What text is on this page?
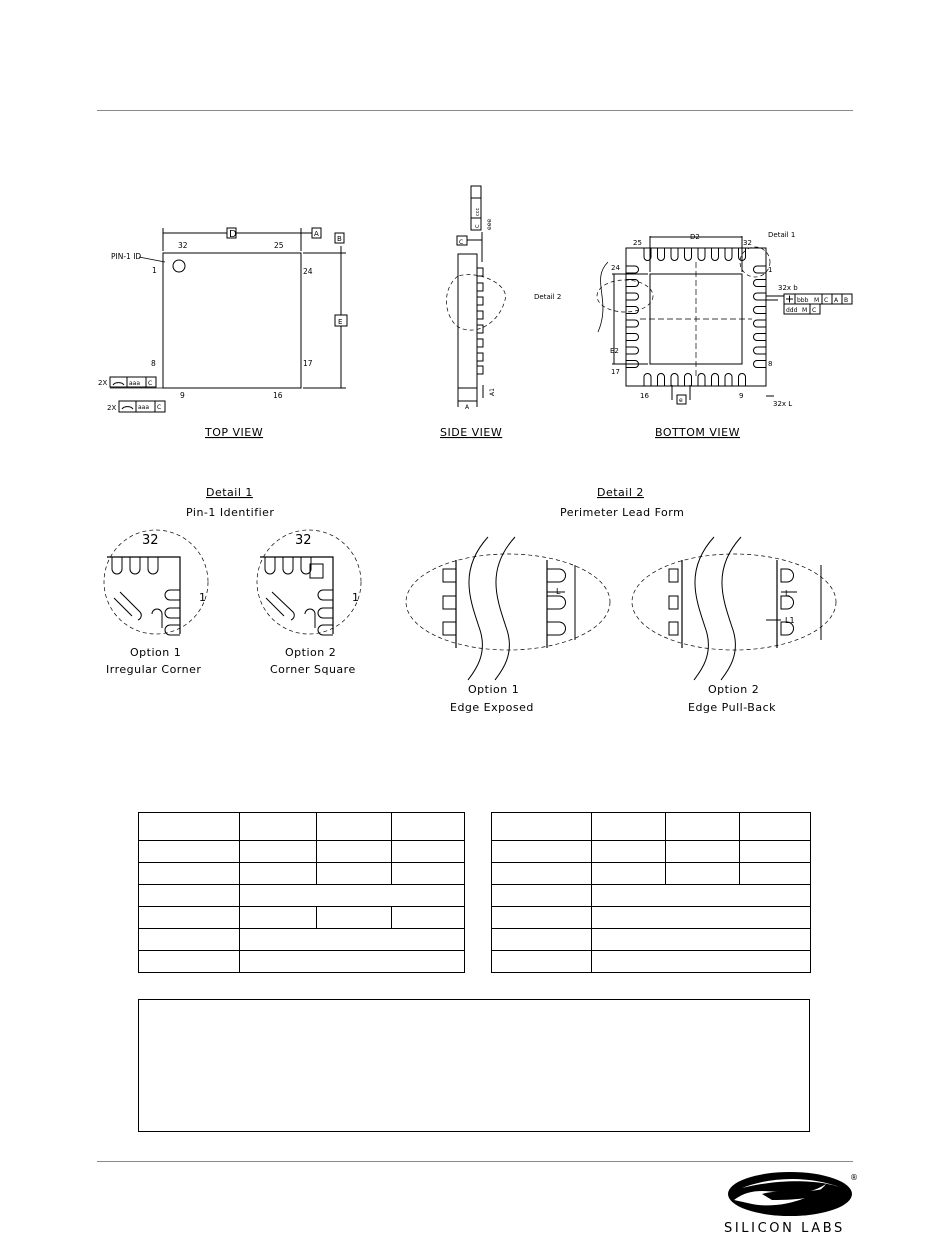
D	A
B
E
PIN-1 ID
32	25
1	24
8	17
9	16
2X	aaa C
2X	aaa C
TOP VIEW
ccc
C eee
C
A
A1
SIDE VIEW
D2
E2
Detail 1
Detail 2
25	32
24	1
17
8
16	9
32x b
32x L
e
bbb M C A B
ddd M C
BOTTOM VIEW
Detail 1
Pin-1 Identifier
32
1
Option 1
Irregular Corner
32
1
Option 2
Corner Square
Detail 2
Perimeter Lead Form
L
Option 1
Edge Exposed
L
L1
Option 2
Edge Pull-Back

®
SILICON LABS
